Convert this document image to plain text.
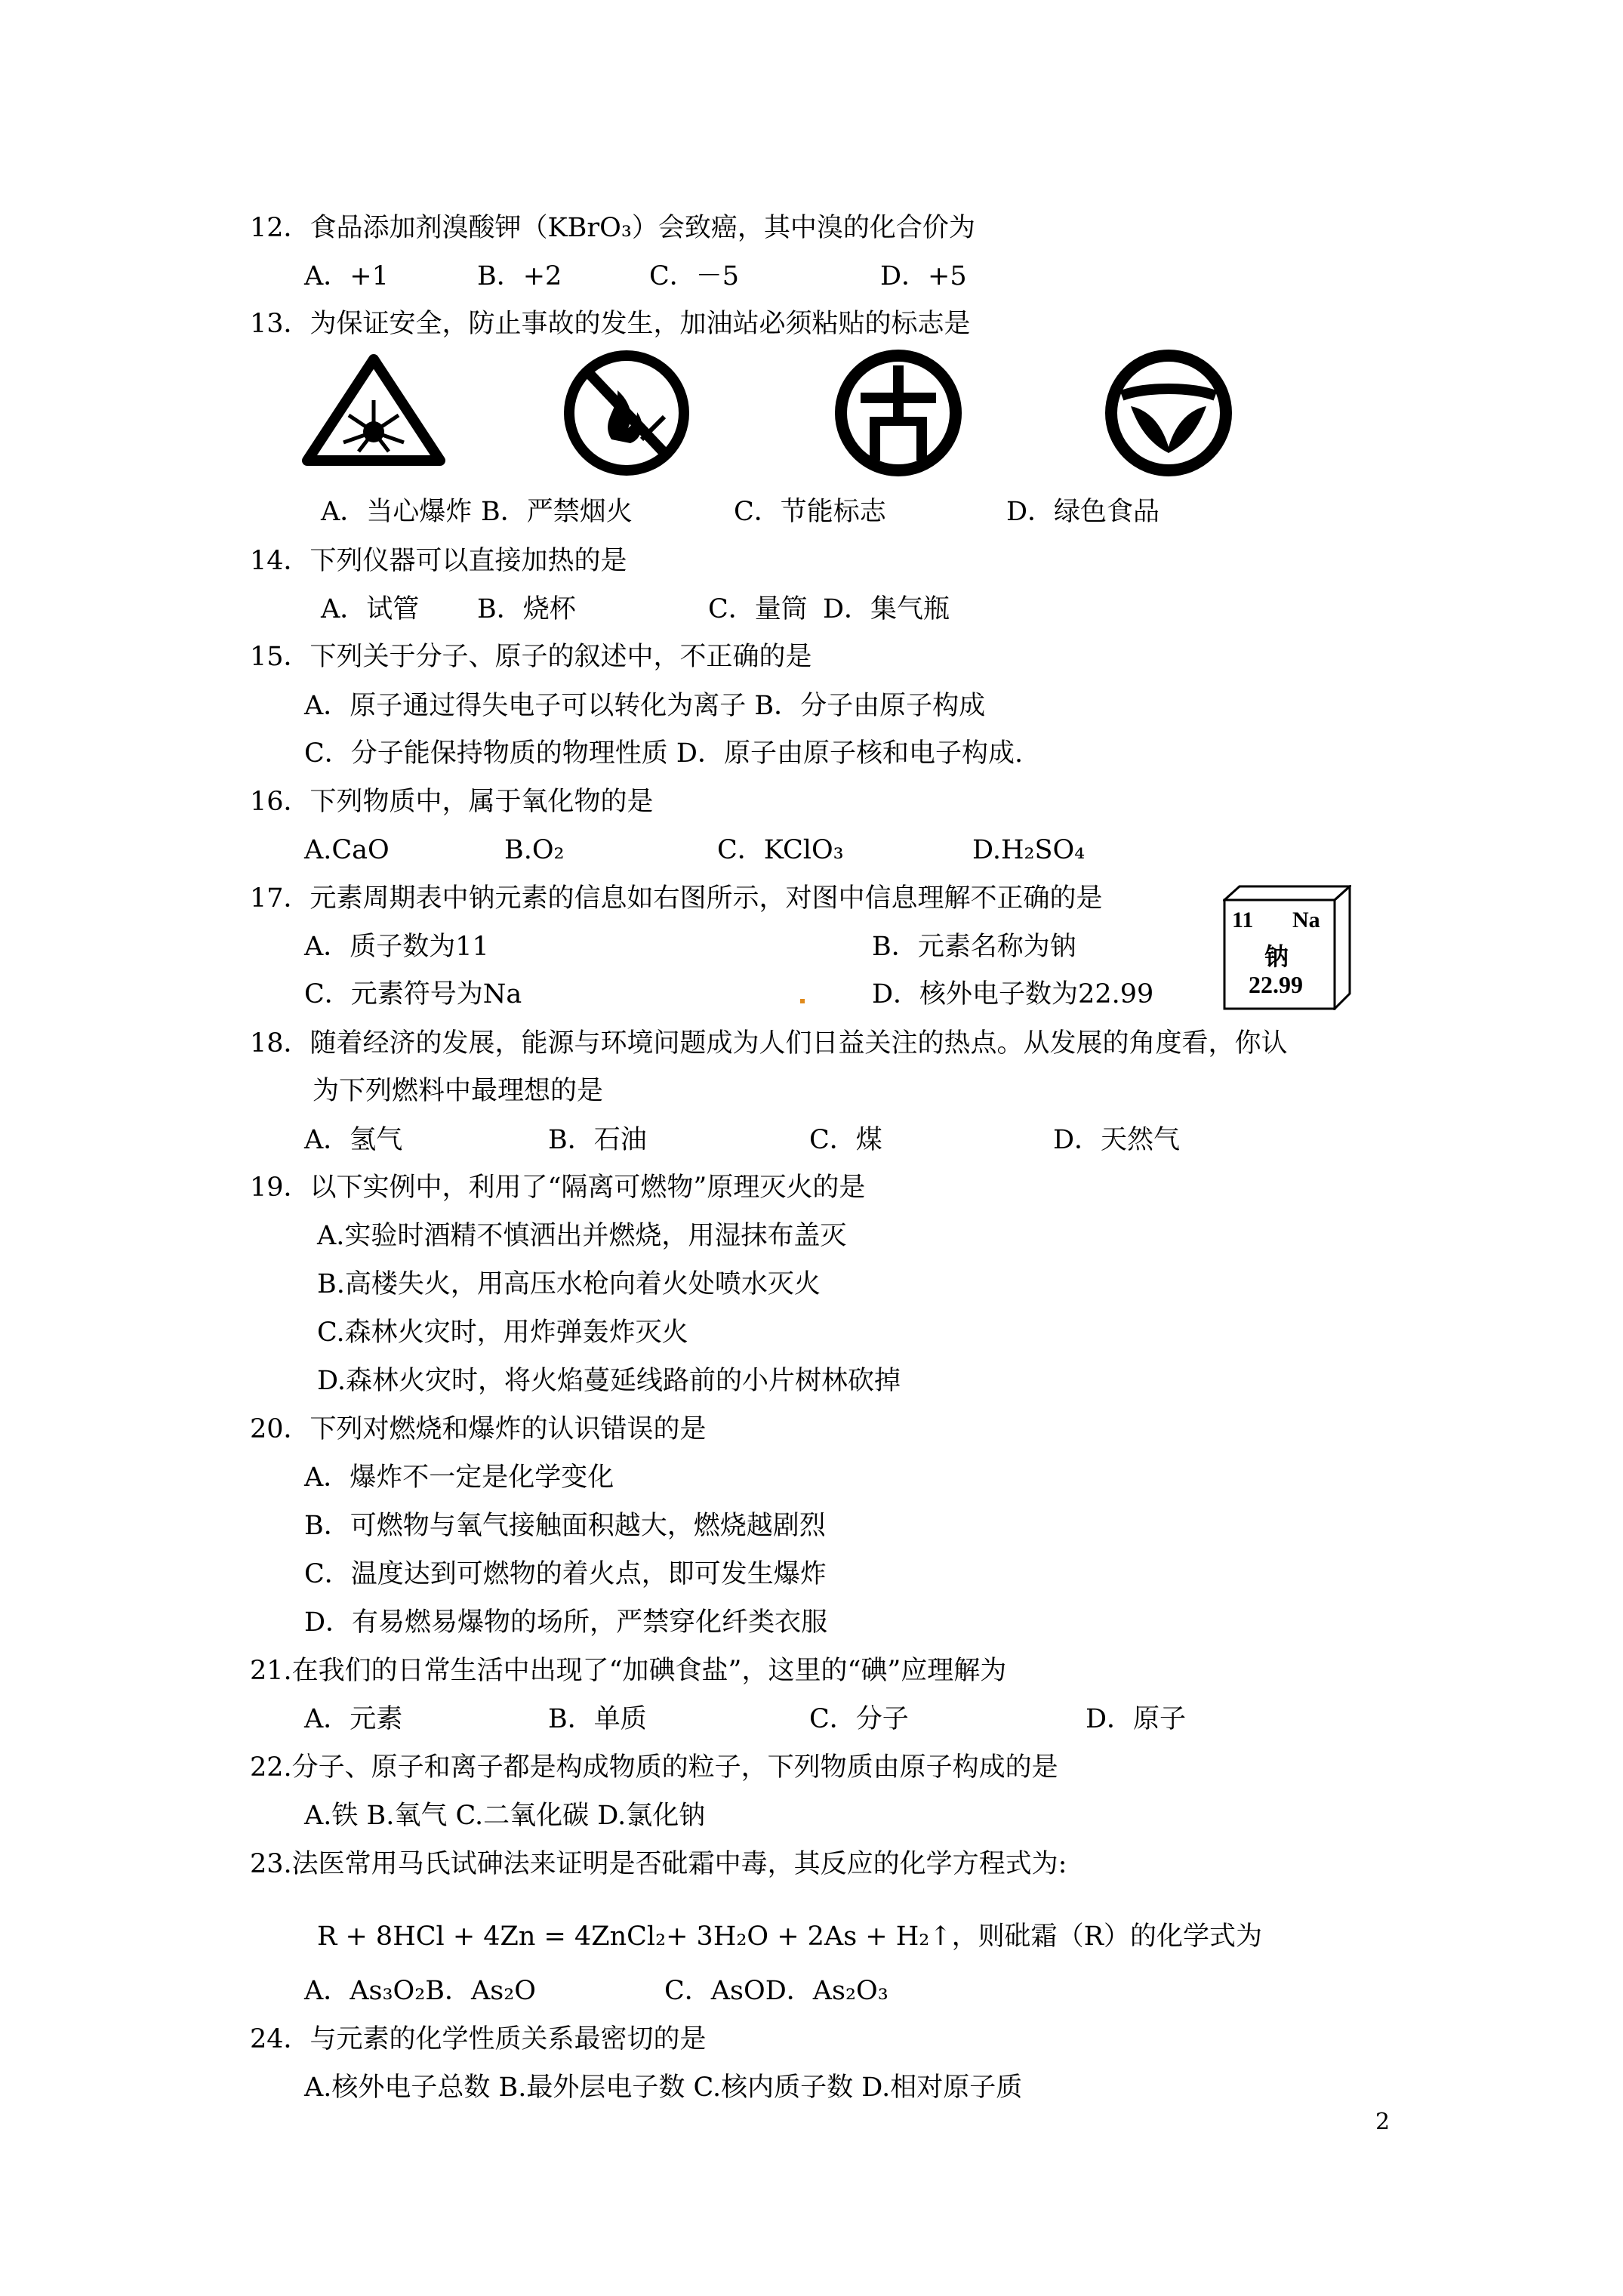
12．食品添加剂溴酸钾（KBrO₃）会致癌，其中溴的化合价为
A．+1	B．+2	C．－5	D．+5
13．为保证安全，防止事故的发生，加油站必须粘贴的标志是
A．当心爆炸 B．严禁烟火	C．节能标志	D．绿色食品
14．下列仪器可以直接加热的是
A．试管 B．烧杯	C．量筒 D．集气瓶
15．下列关于分子、原子的叙述中，不正确的是
A．原子通过得失电子可以转化为离子 B．分子由原子构成
C．分子能保持物质的物理性质 D．原子由原子核和电子构成.
16．下列物质中，属于氧化物的是
A.CaO	B.O₂	C．KClO₃	D.H₂SO₄
17．元素周期表中钠元素的信息如右图所示，对图中信息理解不正确的是
A．质子数为11	B．元素名称为钠
C．元素符号为Na	D．核外电子数为22.99
11 Na
钠
22.99
18．随着经济的发展，能源与环境问题成为人们日益关注的热点。从发展的角度看，你认
为下列燃料中最理想的是
A．氢气	B．石油	C．煤	D．天然气
19．以下实例中，利用了“隔离可燃物”原理灭火的是
A.实验时酒精不慎洒出并燃烧，用湿抹布盖灭
B.高楼失火，用高压水枪向着火处喷水灭火
C.森林火灾时，用炸弹轰炸灭火
D.森林火灾时，将火焰蔓延线路前的小片树林砍掉
20．下列对燃烧和爆炸的认识错误的是
A．爆炸不一定是化学变化
B．可燃物与氧气接触面积越大，燃烧越剧烈
C．温度达到可燃物的着火点，即可发生爆炸
D．有易燃易爆物的场所，严禁穿化纤类衣服
21.在我们的日常生活中出现了“加碘食盐”，这里的“碘”应理解为
A．元素	B．单质	C．分子	D．原子
22.分子、原子和离子都是构成物质的粒子，下列物质由原子构成的是
A.铁 B.氧气 C.二氧化碳 D.氯化钠
23.法医常用马氏试砷法来证明是否砒霜中毒，其反应的化学方程式为:
R + 8HCl + 4Zn = 4ZnCl₂+ 3H₂O + 2As + H₂↑，则砒霜（R）的化学式为
A．As₃O₂B．As₂O	C．AsOD．As₂O₃
24．与元素的化学性质关系最密切的是
A.核外电子总数 B.最外层电子数 C.核内质子数 D.相对原子质
2
